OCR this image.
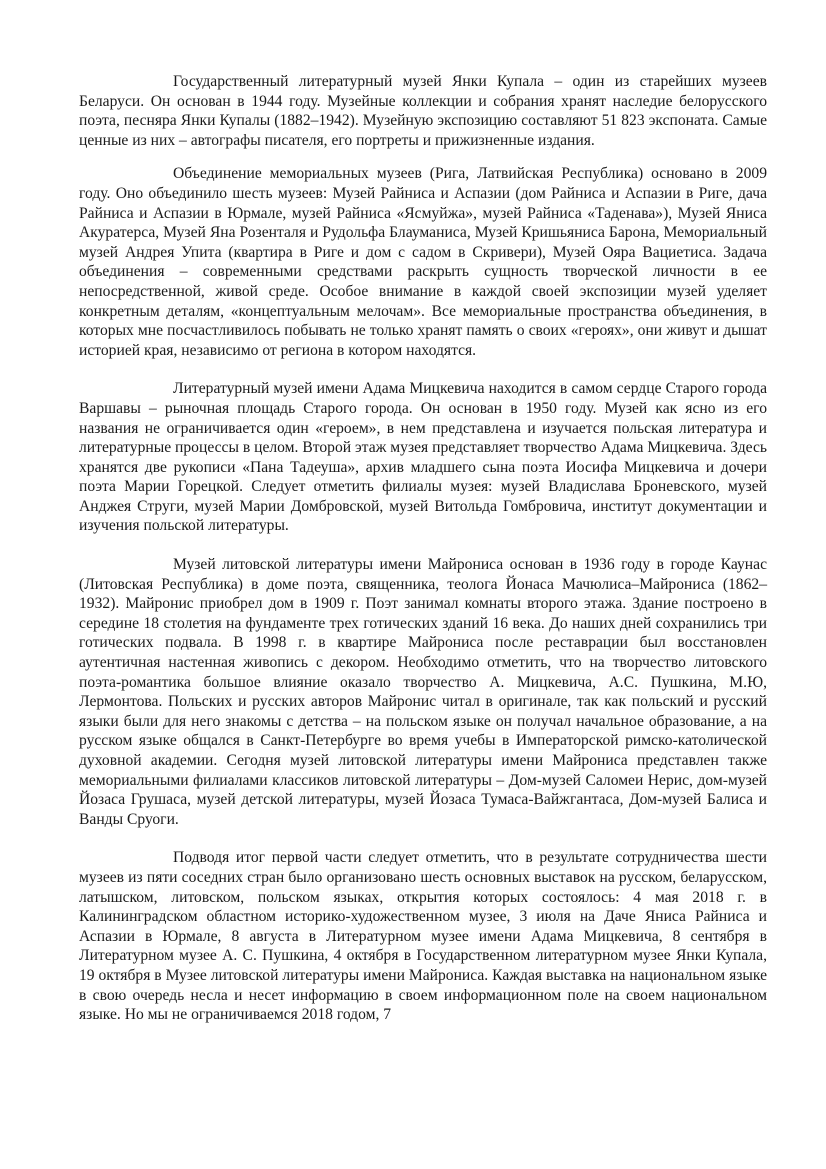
Государственный литературный музей Янки Купала – один из старейших музеев Беларуси. Он основан в 1944 году. Музейные коллекции и собрания хранят наследие белорусского поэта, песняра Янки Купалы (1882–1942). Музейную экспозицию составляют 51 823 экспоната. Самые ценные из них – автографы писателя, его портреты и прижизненные издания.

Объединение мемориальных музеев (Рига, Латвийская Республика) основано в 2009 году. Оно объединило шесть музеев: Музей Райниса и Аспазии (дом Райниса и Аспазии в Риге, дача Райниса и Аспазии в Юрмале, музей Райниса «Ясмуйжа», музей Райниса «Таденава»), Музей Яниса Акуратерса, Музей Яна Розенталя и Рудольфа Блауманиса, Музей Кришьяниса Барона, Мемориальный музей Андрея Упита (квартира в Риге и дом с садом в Скривери), Музей Ояра Вациетиса. Задача объединения – современными средствами раскрыть сущность творческой личности в ее непосредственной, живой среде. Особое внимание в каждой своей экспозиции музей уделяет конкретным деталям, «концептуальным мелочам». Все мемориальные пространства объединения, в которых мне посчастливилось побывать не только хранят память о своих «героях», они живут и дышат историей края, независимо от региона в котором находятся.

Литературный музей имени Адама Мицкевича находится в самом сердце Старого города Варшавы – рыночная площадь Старого города. Он основан в 1950 году. Музей как ясно из его названия не ограничивается один «героем», в нем представлена и изучается польская литература и литературные процессы в целом. Второй этаж музея представляет творчество Адама Мицкевича. Здесь хранятся две рукописи «Пана Тадеуша», архив младшего сына поэта Иосифа Мицкевича и дочери поэта Марии Горецкой. Следует отметить филиалы музея: музей Владислава Броневского, музей Анджея Струги, музей Марии Домбровской, музей Витольда Гомбровича, институт документации и изучения польской литературы.

Музей литовской литературы имени Майрониса основан в 1936 году в городе Каунас (Литовская Республика) в доме поэта, священника, теолога Йонаса Мачюлиса–Майрониса (1862–1932). Майронис приобрел дом в 1909 г. Поэт занимал комнаты второго этажа. Здание построено в середине 18 столетия на фундаменте трех готических зданий 16 века. До наших дней сохранились три готических подвала. В 1998 г. в квартире Майрониса после реставрации был восстановлен аутентичная настенная живопись с декором. Необходимо отметить, что на творчество литовского поэта-романтика большое влияние оказало творчество А. Мицкевича, А.С. Пушкина, М.Ю, Лермонтова. Польских и русских авторов Майронис читал в оригинале, так как польский и русский языки были для него знакомы с детства – на польском языке он получал начальное образование, а на русском языке общался в Санкт-Петербурге во время учебы в Императорской римско-католической духовной академии. Сегодня музей литовской литературы имени Майрониса представлен также мемориальными филиалами классиков литовской литературы – Дом-музей Саломеи Нерис, дом-музей Йозаса Грушаса, музей детской литературы, музей Йозаса Тумаса-Вайжгантаса, Дом-музей Балиса и Ванды Сруоги.

Подводя итог первой части следует отметить, что в результате сотрудничества шести музеев из пяти соседних стран было организовано шесть основных выставок на русском, беларусском, латышском, литовском, польском языках, открытия которых состоялось: 4 мая 2018 г. в Калининградском областном историко-художественном музее, 3 июля на Даче Яниса Райниса и Аспазии в Юрмале, 8 августа в Литературном музее имени Адама Мицкевича, 8 сентября в Литературном музее А. С. Пушкина, 4 октября в Государственном литературном музее Янки Купала, 19 октября в Музее литовской литературы имени Майрониса. Каждая выставка на национальном языке в свою очередь несла и несет информацию в своем информационном поле на своем национальном языке. Но мы не ограничиваемся 2018 годом, 7
